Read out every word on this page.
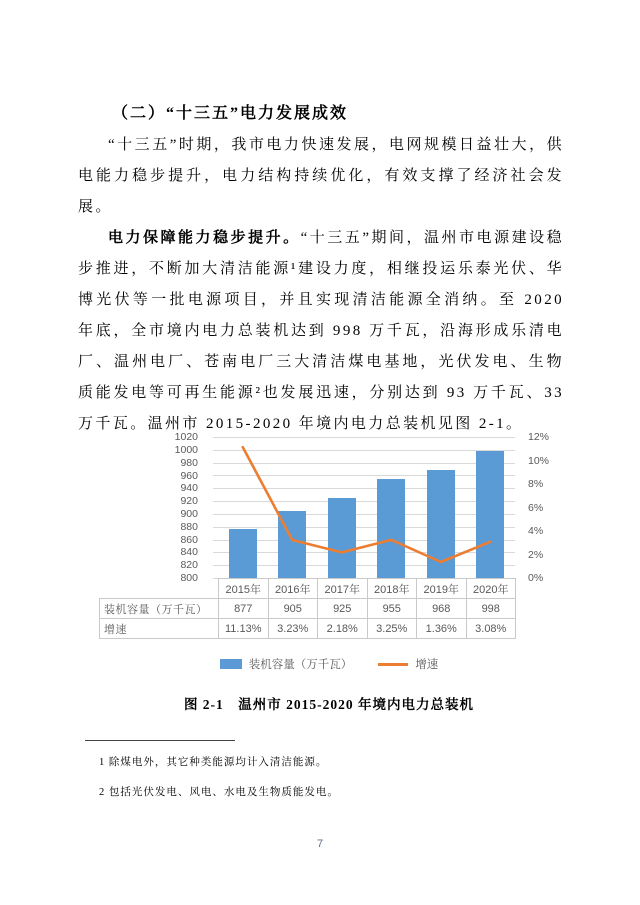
（二）“十三五”电力发展成效

“十三五”时期，我市电力快速发展，电网规模日益壮大，供电能力稳步提升，电力结构持续优化，有效支撑了经济社会发展。

电力保障能力稳步提升。“十三五”期间，温州市电源建设稳步推进，不断加大清洁能源¹建设力度，相继投运乐泰光伏、华博光伏等一批电源项目，并且实现清洁能源全消纳。至 2020 年底，全市境内电力总装机达到 998 万千瓦，沿海形成乐清电厂、温州电厂、苍南电厂三大清洁煤电基地，光伏发电、生物质能发电等可再生能源²也发展迅速，分别达到 93 万千瓦、33 万千瓦。温州市 2015-2020 年境内电力总装机见图 2-1。

1020
1000
980
960
940
920
900
880
860
840
820
800
12%
10%
8%
6%
4%
2%
0%
	2015年	2016年	2017年	2018年	2019年	2020年
装机容量（万千瓦）	877	905	925	955	968	998
增速	11.13%	3.23%	2.18%	3.25%	1.36%	3.08%
装机容量（万千瓦）	增速
图 2-1　温州市 2015-2020 年境内电力总装机

1 除煤电外，其它种类能源均计入清洁能源。

2 包括光伏发电、风电、水电及生物质能发电。

7
